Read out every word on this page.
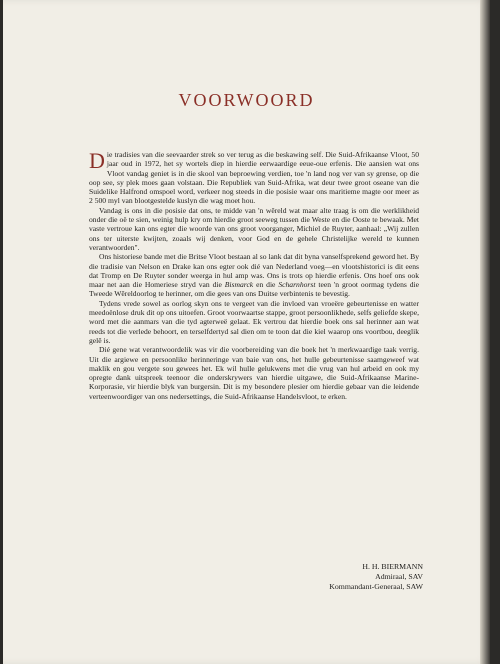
VOORWOORD

Die tradisies van die seevaarder strek so ver terug as die beskawing self. Die Suid-Afrikaanse Vloot, 50 jaar oud in 1972, het sy wortels diep in hierdie eerwaardige eeue-oue erfenis. Die aansien wat ons Vloot vandag geniet is in die skool van beproewing verdien, toe 'n land nog ver van sy grense, op die oop see, sy plek moes gaan volstaan. Die Republiek van Suid-Afrika, wat deur twee groot oseane van die Suidelike Halfrond omspoel word, verkeer nog steeds in die posisie waar ons maritieme magte oor meer as 2 500 myl van blootgestelde kuslyn die wag moet hou.

Vandag is ons in die posisie dat ons, te midde van 'n wêreld wat maar alte traag is om die werklikheid onder die oë te sien, weinig hulp kry om hierdie groot seeweg tussen die Weste en die Ooste te bewaak. Met vaste vertroue kan ons egter die woorde van ons groot voorganger, Michiel de Ruyter, aanhaal: „Wij zullen ons ter uiterste kwijten, zoaals wij denken, voor God en de gehele Christelijke wereld te kunnen verantwoorden".

Ons historiese bande met die Britse Vloot bestaan al so lank dat dit byna vanselfsprekend geword het. By die tradisie van Nelson en Drake kan ons egter ook dié van Nederland voeg—en vlootshistorici is dit eens dat Tromp en De Ruyter sonder weerga in hul amp was. Ons is trots op hierdie erfenis. Ons hoef ons ook maar net aan die Homeriese stryd van die Bismarck en die Scharnhorst teen 'n groot oormag tydens die Tweede Wêreldoorlog te herinner, om die gees van ons Duitse verbintenis te bevestig.

Tydens vrede sowel as oorlog skyn ons te vergeet van die invloed van vroeëre gebeurtenisse en watter meedoënlose druk dit op ons uitoefen. Groot voorwaartse stappe, groot persoonlikhede, selfs geliefde skepe, word met die aanmars van die tyd agterweë gelaat. Ek vertrou dat hierdie boek ons sal herinner aan wat reeds tot die verlede behoort, en terselfdertyd sal dien om te toon dat die kiel waarop ons voortbou, deeglik gelê is.

Dié gene wat verantwoordelik was vir die voorbereiding van die boek het 'n merkwaardige taak verrig. Uit die argiewe en persoonlike herinneringe van baie van ons, het hulle gebeurtenisse saamgeweef wat maklik en gou vergete sou gewees het. Ek wil hulle gelukwens met die vrug van hul arbeid en ook my opregte dank uitspreek teenoor die onderskrywers van hierdie uitgawe, die Suid-Afrikaanse Marine-Korporasie, vir hierdie blyk van burgersin. Dit is my besondere plesier om hierdie gebaar van die leidende verteenwoordiger van ons nedersettings, die Suid-Afrikaanse Handelsvloot, te erken.

H. H. BIERMANN
Admiraal, SAV
Kommandant-Generaal, SAW
